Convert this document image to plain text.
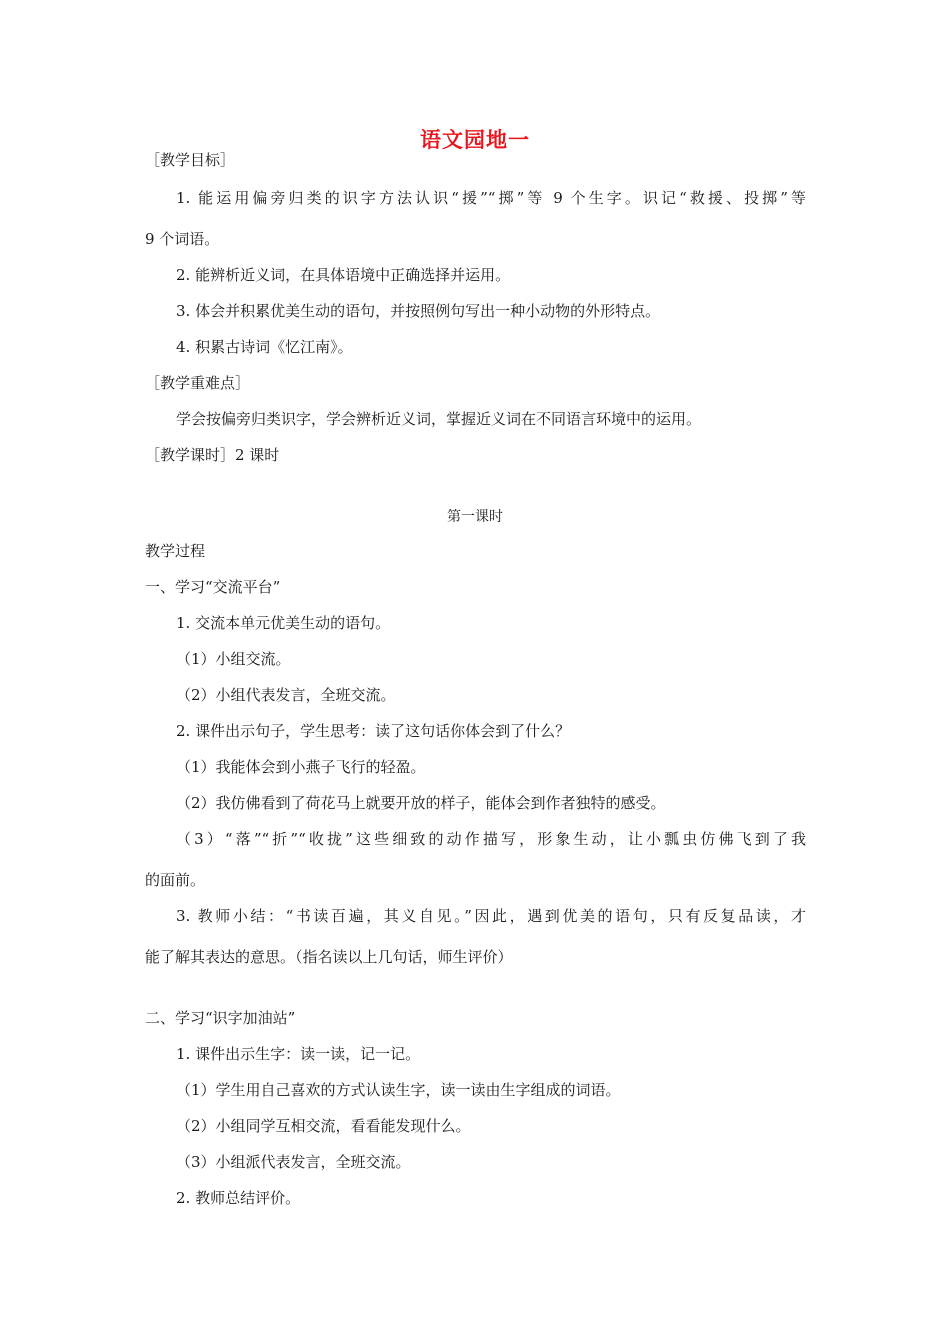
语文园地一
［教学目标］
1. 能运用偏旁归类的识字方法认识“援”“掷”等 9 个生字。识记“救援、投掷”等
9 个词语。
2. 能辨析近义词，在具体语境中正确选择并运用。
3. 体会并积累优美生动的语句，并按照例句写出一种小动物的外形特点。
4. 积累古诗词《忆江南》。
［教学重难点］
学会按偏旁归类识字，学会辨析近义词，掌握近义词在不同语言环境中的运用。
［教学课时］2 课时
第一课时
教学过程
一、学习“交流平台”
1. 交流本单元优美生动的语句。
（1）小组交流。
（2）小组代表发言，全班交流。
2. 课件出示句子，学生思考：读了这句话你体会到了什么？
（1）我能体会到小燕子飞行的轻盈。
（2）我仿佛看到了荷花马上就要开放的样子，能体会到作者独特的感受。
（3）“落”“折”“收拢”这些细致的动作描写，形象生动，让小瓢虫仿佛飞到了我
的面前。
3. 教师小结：“书读百遍，其义自见。”因此，遇到优美的语句，只有反复品读，才
能了解其表达的意思。（指名读以上几句话，师生评价）
二、学习“识字加油站”
1. 课件出示生字：读一读，记一记。
（1）学生用自己喜欢的方式认读生字，读一读由生字组成的词语。
（2）小组同学互相交流，看看能发现什么。
（3）小组派代表发言，全班交流。
2. 教师总结评价。
